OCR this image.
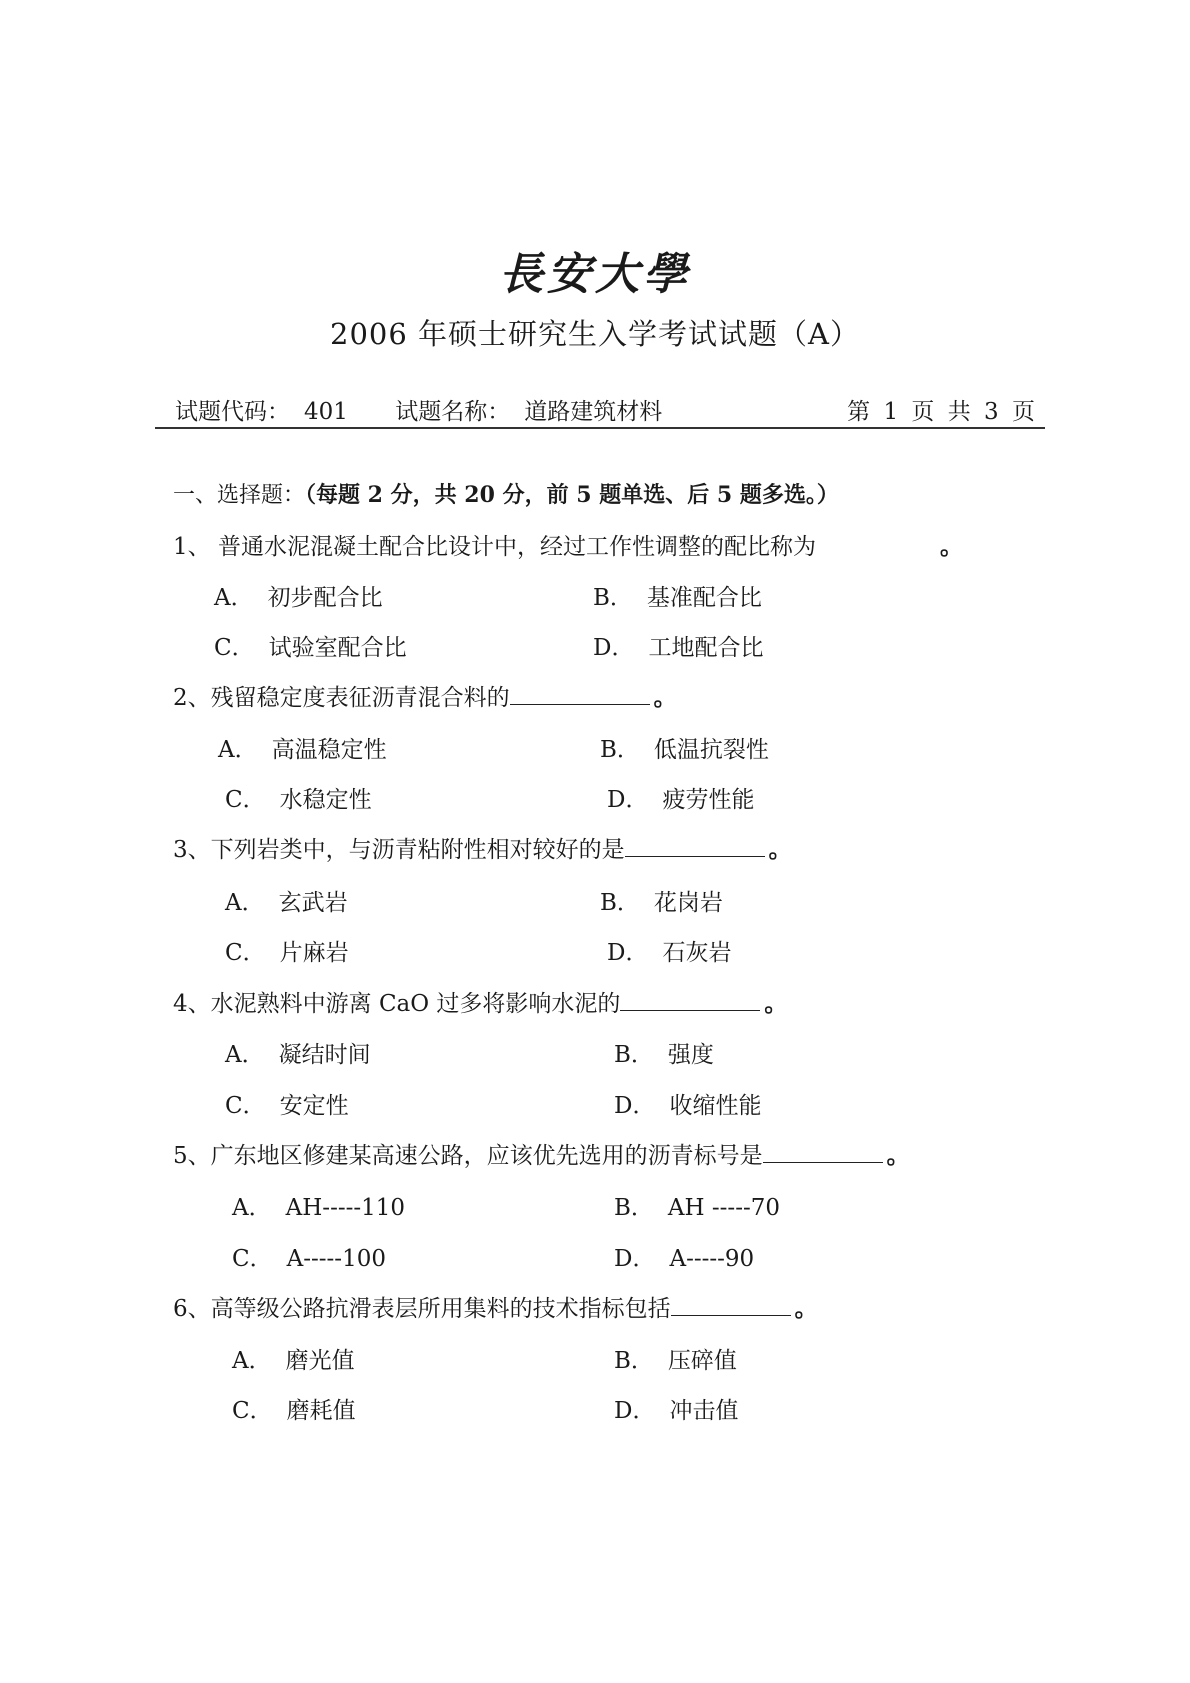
長安大學
2006 年硕士研究生入学考试试题（A）
试题代码： 401 试题名称： 道路建筑材料	第 1 页 共 3 页
一、选择题：（每题 2 分，共 20 分，前 5 题单选、后 5 题多选。）
1、 普通水泥混凝土配合比设计中，经过工作性调整的配比称为	。
A． 初步配合比	B． 基准配合比
C． 试验室配合比	D． 工地配合比
2、残留稳定度表征沥青混合料的	。
A． 高温稳定性	B． 低温抗裂性
C． 水稳定性	D． 疲劳性能
3、下列岩类中，与沥青粘附性相对较好的是	。
A． 玄武岩	B． 花岗岩
C． 片麻岩	D． 石灰岩
4、水泥熟料中游离 CaO 过多将影响水泥的	。
A． 凝结时间	B． 强度
C． 安定性	D． 收缩性能
5、广东地区修建某高速公路，应该优先选用的沥青标号是	。
A． AH-----110	B． AH -----70
C． A-----100	D． A-----90
6、高等级公路抗滑表层所用集料的技术指标包括	。
A． 磨光值	B． 压碎值
C． 磨耗值	D． 冲击值
